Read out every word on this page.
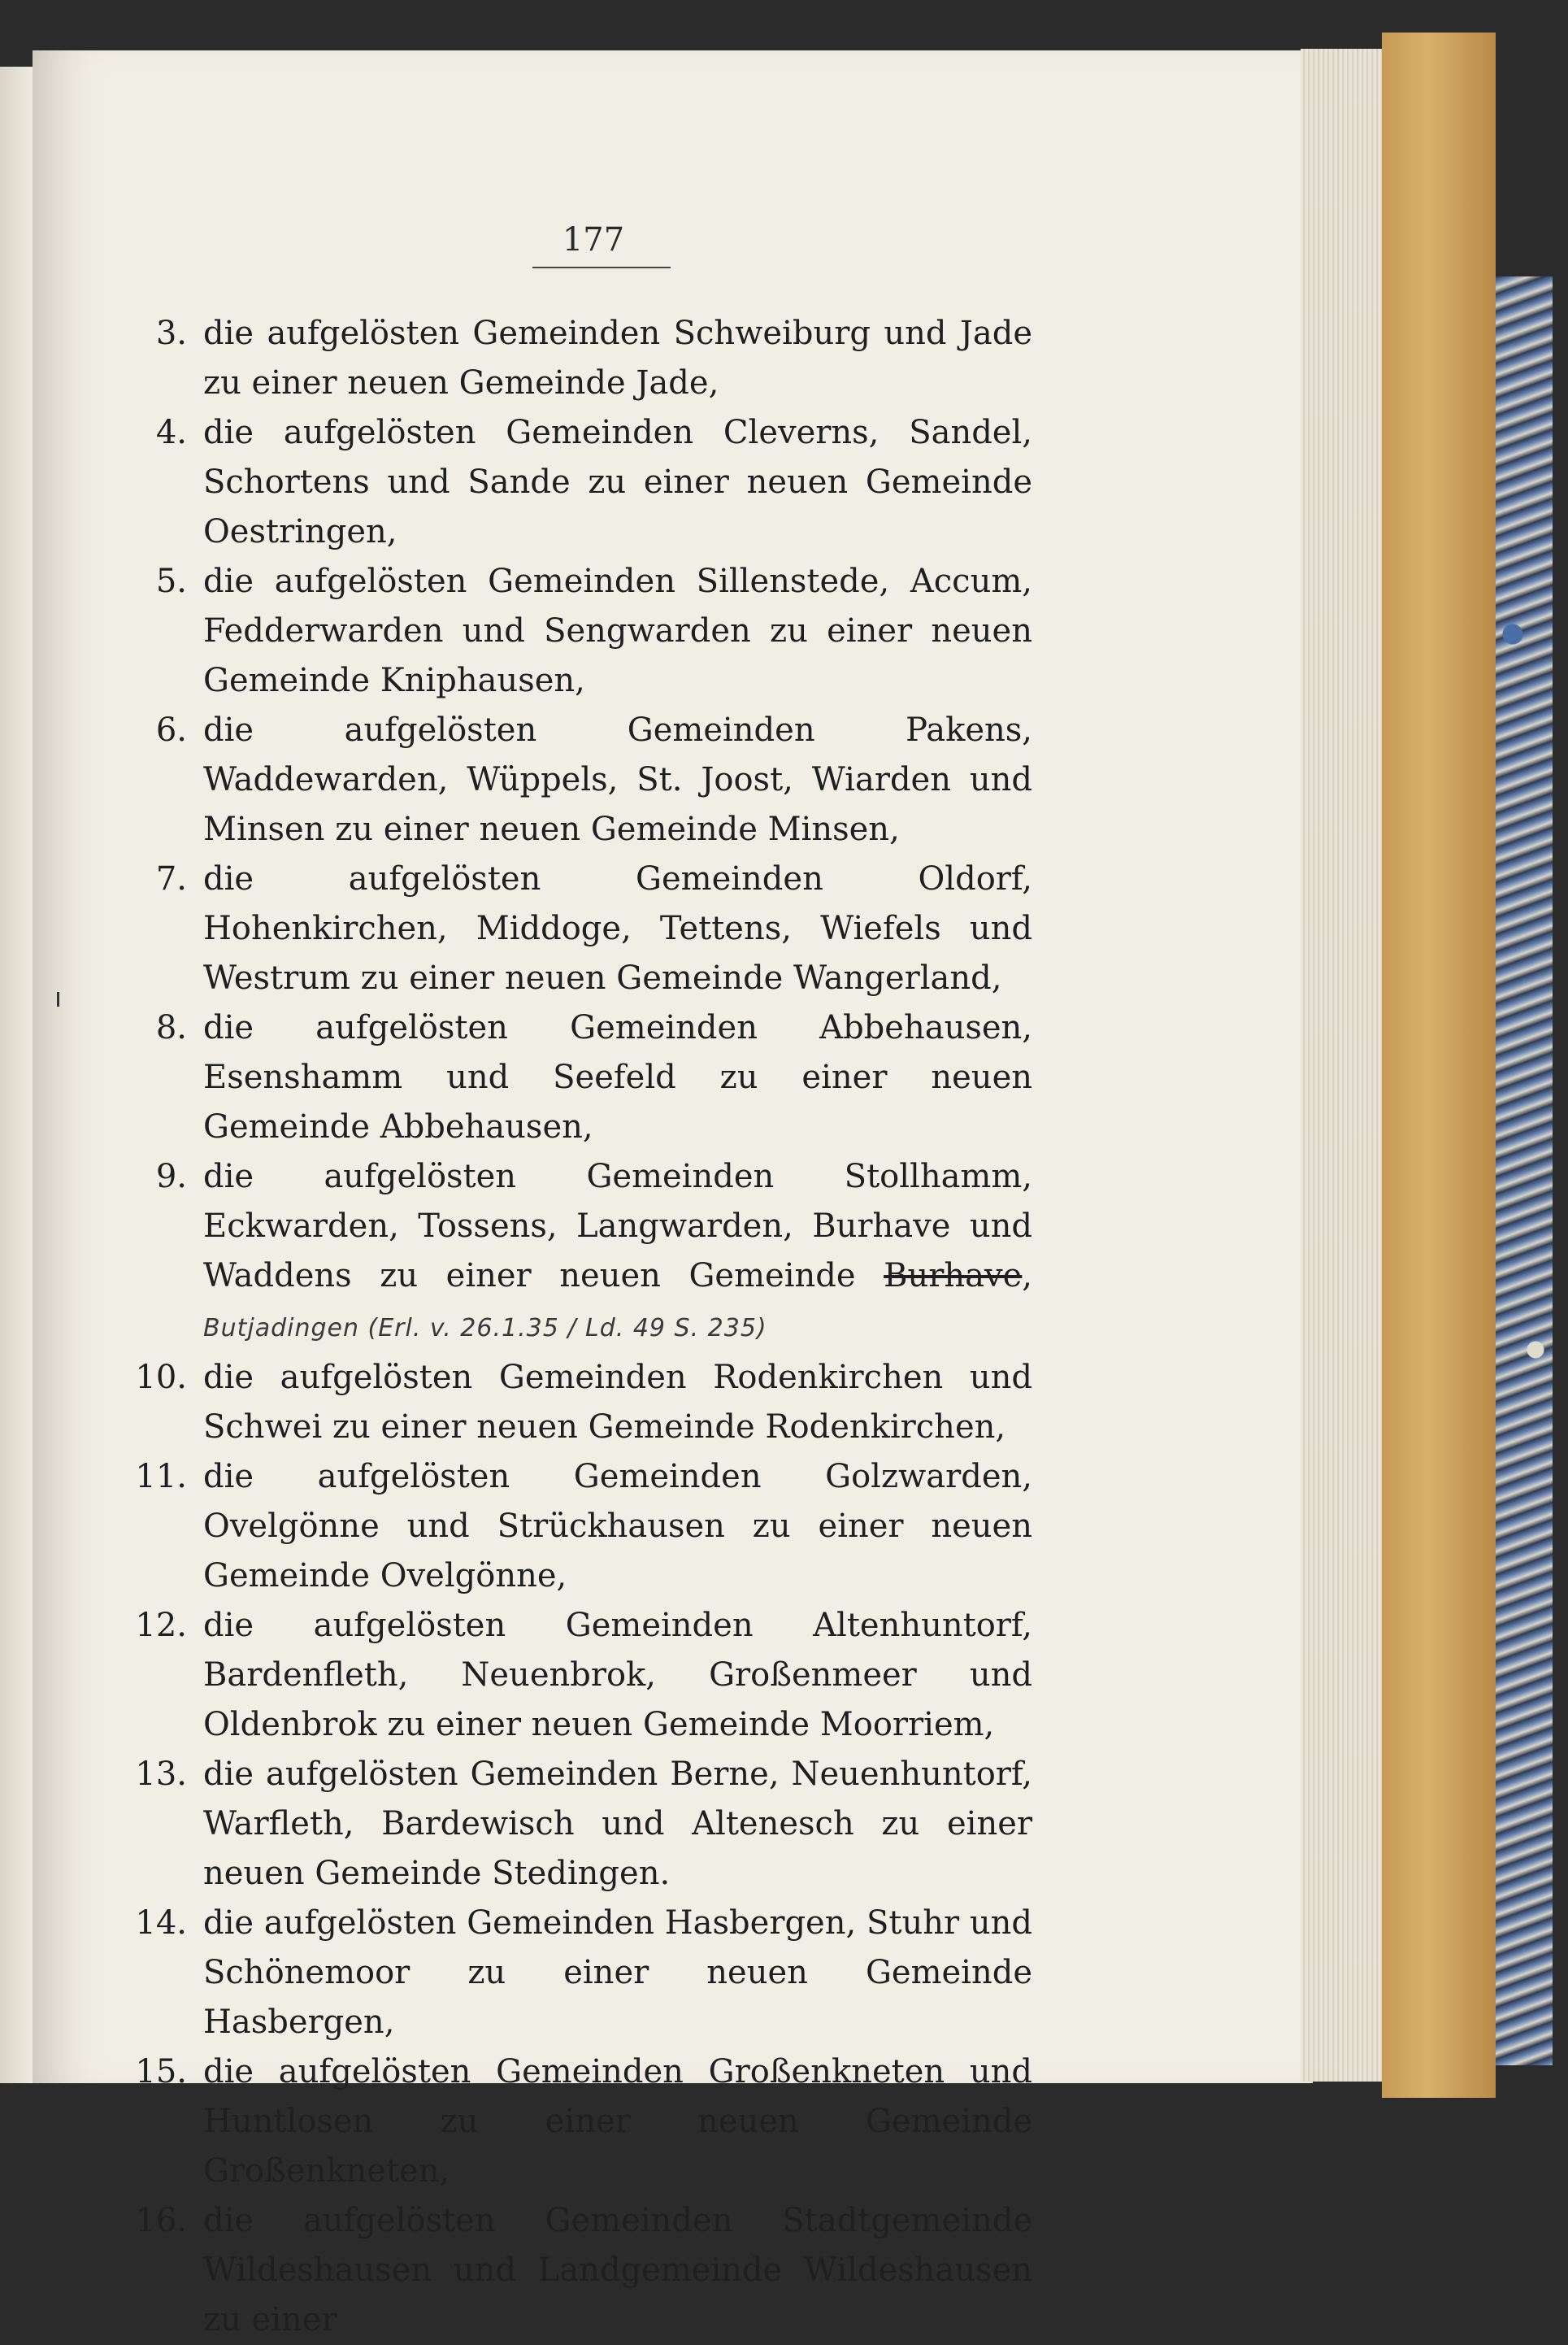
177
3. die aufgelösten Gemeinden Schweiburg und Jade zu einer neuen Gemeinde Jade,
4. die aufgelösten Gemeinden Cleverns, Sandel, Schortens und Sande zu einer neuen Gemeinde Oestringen,
5. die aufgelösten Gemeinden Sillenstede, Accum, Fedderwarden und Sengwarden zu einer neuen Gemeinde Kniphausen,
6. die aufgelösten Gemeinden Pakens, Waddewarden, Wüppels, St. Joost, Wiarden und Minsen zu einer neuen Gemeinde Minsen,
7. die aufgelösten Gemeinden Oldorf, Hohenkirchen, Middoge, Tettens, Wiefels und Westrum zu einer neuen Gemeinde Wangerland,
8. die aufgelösten Gemeinden Abbehausen, Esenshamm und Seefeld zu einer neuen Gemeinde Abbehausen,
9. die aufgelösten Gemeinden Stollhamm, Eckwarden, Tossens, Langwarden, Burhave und Waddens zu einer neuen Gemeinde Burhave, Butjadingen (Erl. v. 26.1.35 / Ld. 49 S. 235)
10. die aufgelösten Gemeinden Rodenkirchen und Schwei zu einer neuen Gemeinde Rodenkirchen,
11. die aufgelösten Gemeinden Golzwarden, Ovelgönne und Strückhausen zu einer neuen Gemeinde Ovelgönne,
12. die aufgelösten Gemeinden Altenhuntorf, Bardenfleth, Neuenbrok, Großenmeer und Oldenbrok zu einer neuen Gemeinde Moorriem,
13. die aufgelösten Gemeinden Berne, Neuenhuntorf, Warfleth, Bardewisch und Altenesch zu einer neuen Gemeinde Stedingen.
14. die aufgelösten Gemeinden Hasbergen, Stuhr und Schönemoor zu einer neuen Gemeinde Hasbergen,
15. die aufgelösten Gemeinden Großenkneten und Huntlosen zu einer neuen Gemeinde Großenkneten,
16. die aufgelösten Gemeinden Stadtgemeinde Wildeshausen und Landgemeinde Wildeshausen zu einer
